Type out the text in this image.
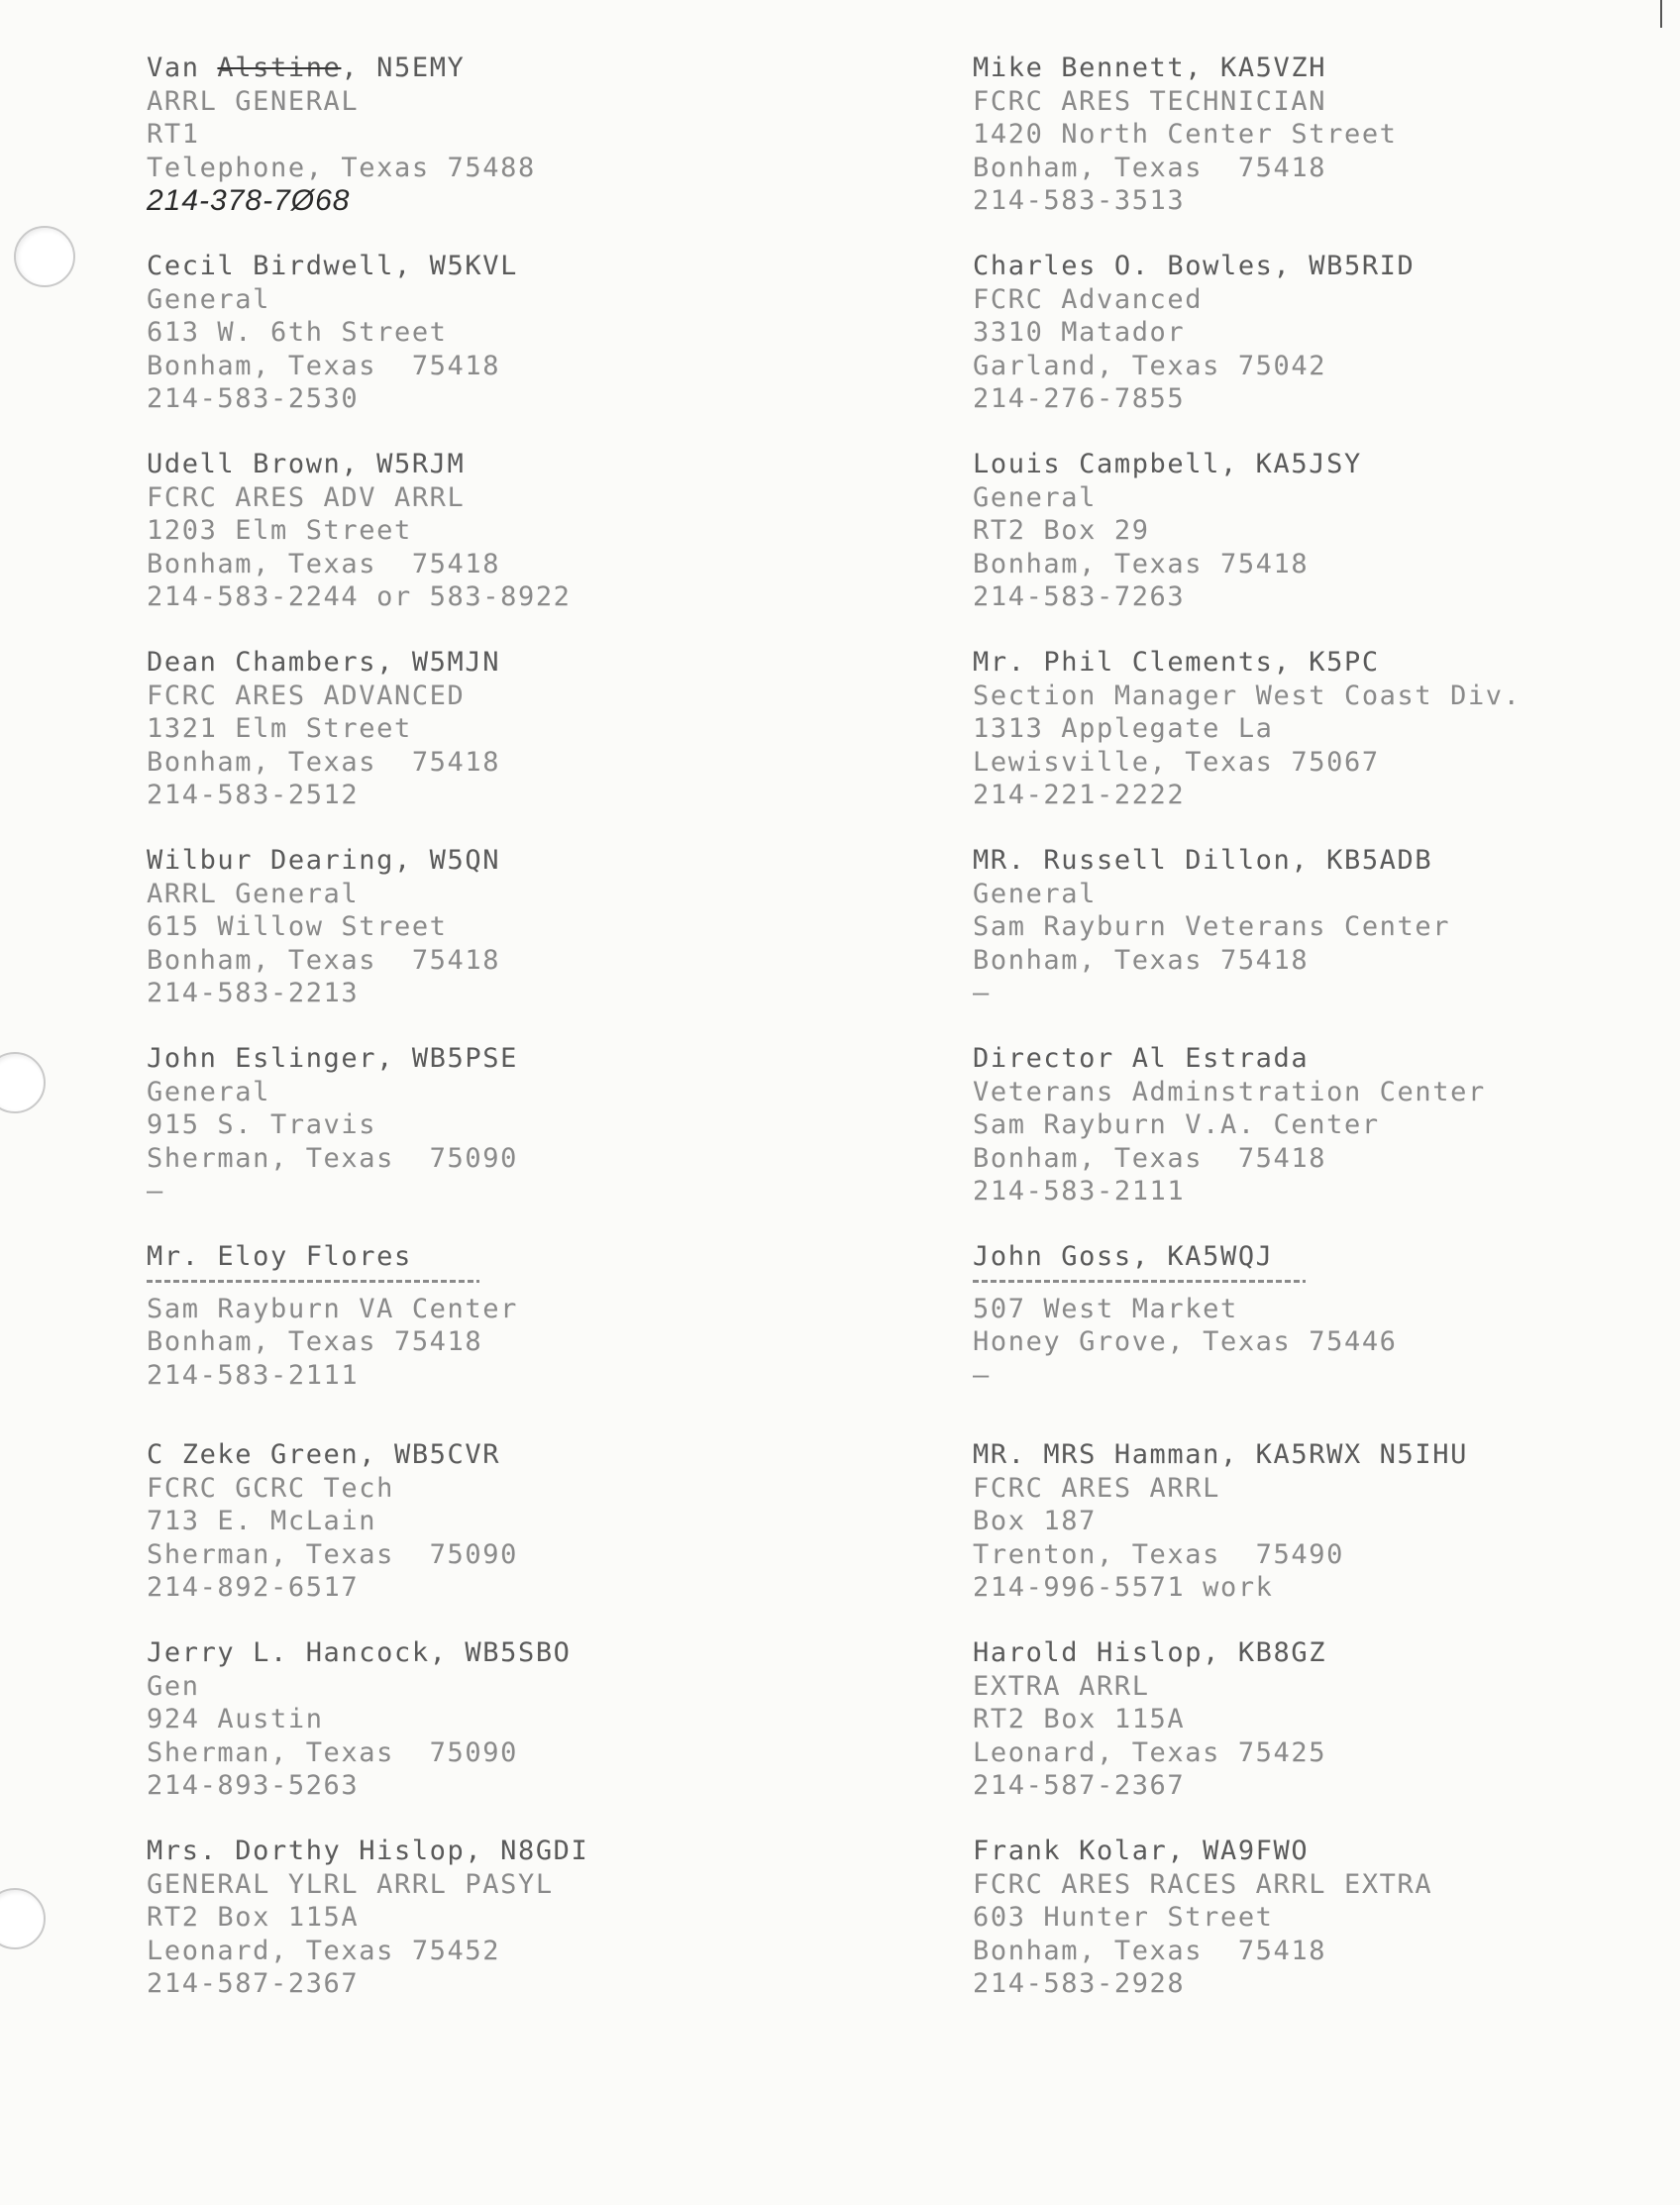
Van Alstine, N5EMY
ARRL GENERAL
RT1
Telephone, Texas 75488
214-378-7Ø68
Cecil Birdwell, W5KVL
General
613 W. 6th Street
Bonham, Texas  75418
214-583-2530
Udell Brown, W5RJM
FCRC ARES ADV ARRL
1203 Elm Street
Bonham, Texas  75418
214-583-2244 or 583-8922
Dean Chambers, W5MJN
FCRC ARES ADVANCED
1321 Elm Street
Bonham, Texas  75418
214-583-2512
Wilbur Dearing, W5QN
ARRL General
615 Willow Street
Bonham, Texas  75418
214-583-2213
John Eslinger, WB5PSE
General
915 S. Travis
Sherman, Texas  75090
—
Mr. Eloy Flores
Sam Rayburn VA Center
Bonham, Texas 75418
214-583-2111
C Zeke Green, WB5CVR
FCRC GCRC Tech
713 E. McLain
Sherman, Texas  75090
214-892-6517
Jerry L. Hancock, WB5SBO
Gen
924 Austin
Sherman, Texas  75090
214-893-5263
Mrs. Dorthy Hislop, N8GDI
GENERAL YLRL ARRL PASYL
RT2 Box 115A
Leonard, Texas 75452
214-587-2367
Mike Bennett, KA5VZH
FCRC ARES TECHNICIAN
1420 North Center Street
Bonham, Texas  75418
214-583-3513
Charles O. Bowles, WB5RID
FCRC Advanced
3310 Matador
Garland, Texas 75042
214-276-7855
Louis Campbell, KA5JSY
General
RT2 Box 29
Bonham, Texas 75418
214-583-7263
Mr. Phil Clements, K5PC
Section Manager West Coast Div.
1313 Applegate La
Lewisville, Texas 75067
214-221-2222
MR. Russell Dillon, KB5ADB
General
Sam Rayburn Veterans Center
Bonham, Texas 75418
—
Director Al Estrada
Veterans Adminstration Center
Sam Rayburn V.A. Center
Bonham, Texas  75418
214-583-2111
John Goss, KA5WQJ
507 West Market
Honey Grove, Texas 75446
—
MR. MRS Hamman, KA5RWX N5IHU
FCRC ARES ARRL
Box 187
Trenton, Texas  75490
214-996-5571 work
Harold Hislop, KB8GZ
EXTRA ARRL
RT2 Box 115A
Leonard, Texas 75425
214-587-2367
Frank Kolar, WA9FWO
FCRC ARES RACES ARRL EXTRA
603 Hunter Street
Bonham, Texas  75418
214-583-2928
